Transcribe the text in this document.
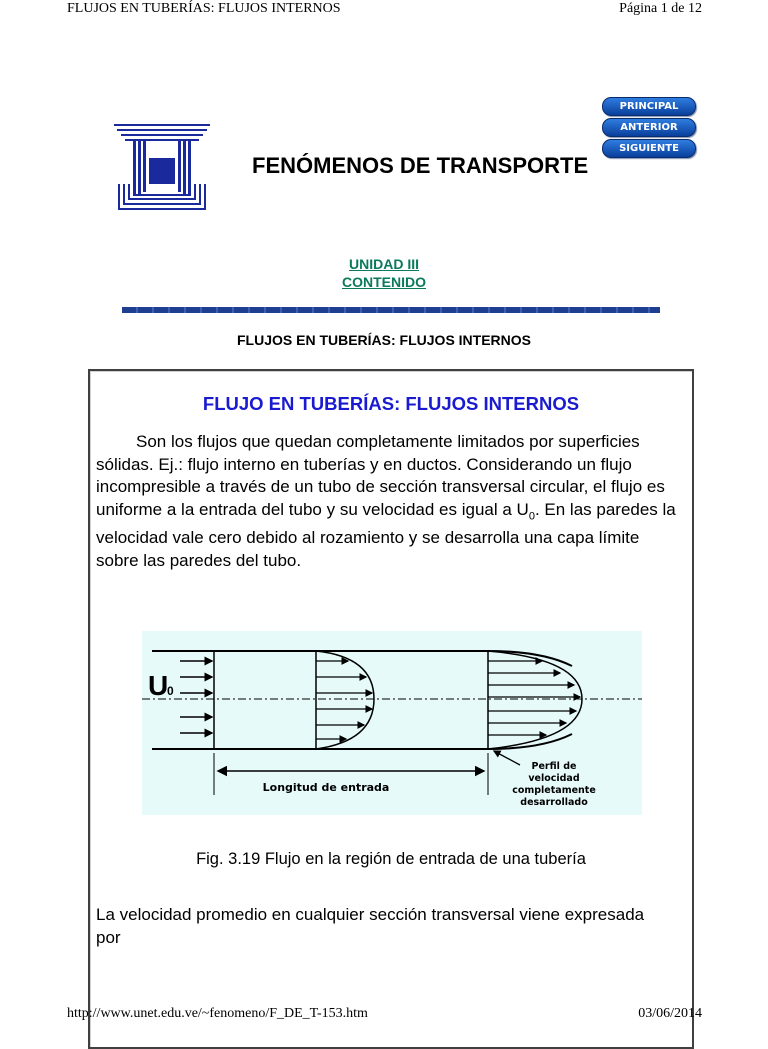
FLUJOS EN TUBERÍAS: FLUJOS INTERNOS	Página 1 de 12
FENÓMENOS DE TRANSPORTE
PRINCIPAL
ANTERIOR
SIGUIENTE
UNIDAD III
CONTENIDO
FLUJOS EN TUBERÍAS: FLUJOS INTERNOS
FLUJO EN TUBERÍAS: FLUJOS INTERNOS
Son los flujos que quedan completamente limitados por superficies sólidas. Ej.: flujo interno en tuberías y en ductos. Considerando un flujo incompresible a través de un tubo de sección transversal circular, el flujo es uniforme a la entrada del tubo y su velocidad es igual a $U_0$. En las paredes la velocidad vale cero debido al rozamiento y se desarrolla una capa límite sobre las paredes del tubo.
U
0
Longitud de entrada
Perfil de
velocidad
completamente
desarrollado
Fig. 3.19 Flujo en la región de entrada de una tubería
La velocidad promedio en cualquier sección transversal viene expresada por
http://www.unet.edu.ve/~fenomeno/F_DE_T-153.htm	03/06/2014
